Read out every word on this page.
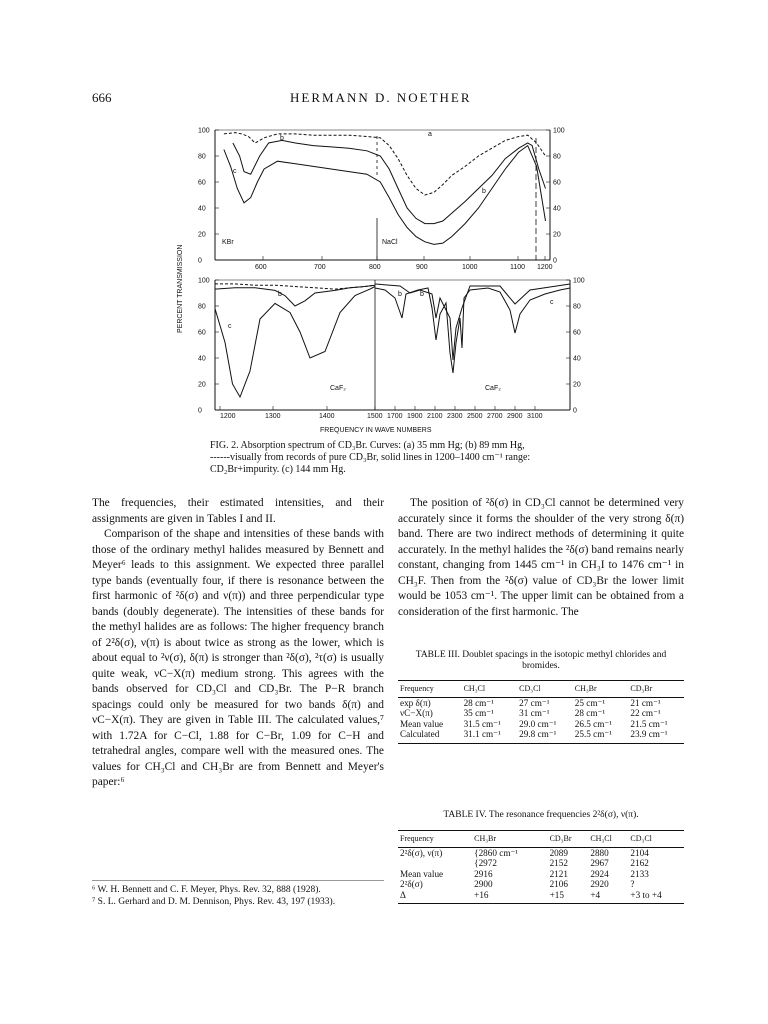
666	HERMANN D. NOETHER
PERCENT TRANSMISSION
KBr	NaCl
a
b
c
b
100	100
80	80
60	60
40	40
20	20
0	0
600	700	800	900	1000	1100 1200
CaF₂	CaF₂
b
c
c
b	b
100	100
80	80
60	60
40	40
20	20
0	0
1200	1300	1400	1500 1700 1900 2100 2300 2500 2700 2900 3100
FREQUENCY IN WAVE NUMBERS
FIG. 2. Absorption spectrum of CD₃Br. Curves: (a) 35 mm Hg; (b) 89 mm Hg,
------visually from records of pure CD₃Br, solid lines in 1200–1400 cm⁻¹ range:
CD₂Br+impurity. (c) 144 mm Hg.

The frequencies, their estimated intensities, and their assignments are given in Tables I and II.

Comparison of the shape and intensities of these bands with those of the ordinary methyl halides measured by Bennett and Meyer⁶ leads to this assignment. We expected three parallel type bands (eventually four, if there is resonance between the first harmonic of ²δ(σ) and ν(π)) and three perpendicular type bands (doubly degenerate). The intensities of these bands for the methyl halides are as follows: The higher frequency branch of 2²δ(σ), ν(π) is about twice as strong as the lower, which is about equal to ²ν(σ), δ(π) is stronger than ²δ(σ), ²τ(σ) is usually quite weak, νC−X(π) medium strong. This agrees with the bands observed for CD₃Cl and CD₃Br. The P−R branch spacings could only be measured for two bands δ(π) and νC−X(π). They are given in Table III. The calculated values,⁷ with 1.72A for C−Cl, 1.88 for C−Br, 1.09 for C−H and tetrahedral angles, compare well with the measured ones. The values for CH₃Cl and CH₃Br are from Bennett and Meyer's paper:⁶

⁶ W. H. Bennett and C. F. Meyer, Phys. Rev. 32, 888 (1928).
⁷ S. L. Gerhard and D. M. Dennison, Phys. Rev. 43, 197 (1933).

The position of ²δ(σ) in CD₃Cl cannot be determined very accurately since it forms the shoulder of the very strong δ(π) band. There are two indirect methods of determining it quite accurately. In the methyl halides the ²δ(σ) band remains nearly constant, changing from 1445 cm⁻¹ in CH₃I to 1476 cm⁻¹ in CH₃F. Then from the ²δ(σ) value of CD₃Br the lower limit would be 1053 cm⁻¹. The upper limit can be obtained from a consideration of the first harmonic. The

TABLE III. Doublet spacings in the isotopic methyl chlorides and bromides.
Frequency	CH₃Cl	CD₃Cl	CH₃Br	CD₃Br
exp δ(π)	28 cm⁻¹	27 cm⁻¹	25 cm⁻¹	21 cm⁻¹
νC−X(π)	35 cm⁻¹	31 cm⁻¹	28 cm⁻¹	22 cm⁻¹
Mean value	31.5 cm⁻¹	29.0 cm⁻¹	26.5 cm⁻¹	21.5 cm⁻¹
Calculated	31.1 cm⁻¹	29.8 cm⁻¹	25.5 cm⁻¹	23.9 cm⁻¹
TABLE IV. The resonance frequencies 2²δ(σ), ν(π).
Frequency	CH₃Br	CD₃Br	CH₃Cl	CD₃Cl
2²δ(σ), ν(π)	{2860 cm⁻¹	2089	2880	2104
	{2972	2152	2967	2162
Mean value	2916	2121	2924	2133
2²δ(σ)	2900	2106	2920	?
Δ	+16	+15	+4	+3 to +4
